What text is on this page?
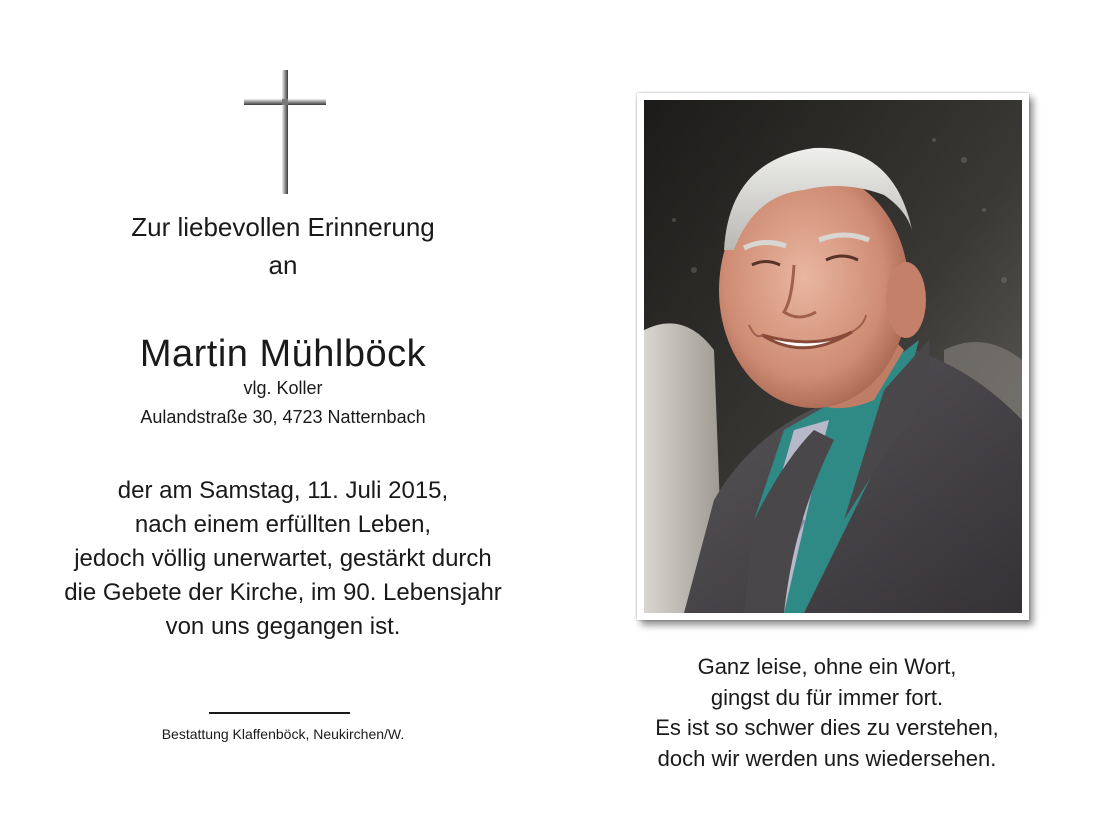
Zur liebevollen Erinnerung
an
Martin Mühlböck
vlg. Koller
Aulandstraße 30, 4723 Natternbach
der am Samstag, 11. Juli 2015,
nach einem erfüllten Leben,
jedoch völlig unerwartet, gestärkt durch
die Gebete der Kirche, im 90. Lebensjahr
von uns gegangen ist.
Bestattung Klaffenböck, Neukirchen/W.
Ganz leise, ohne ein Wort,
gingst du für immer fort.
Es ist so schwer dies zu verstehen,
doch wir werden uns wiedersehen.
